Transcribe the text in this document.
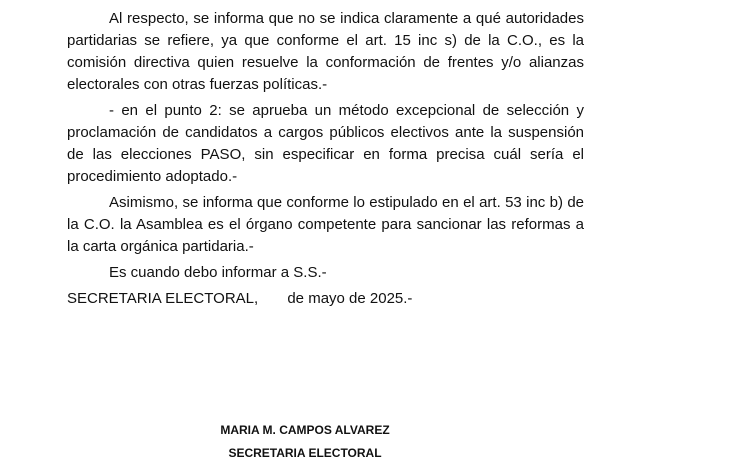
Al respecto, se informa que no se indica claramente a qué autoridades partidarias se refiere, ya que conforme el art. 15 inc s) de la C.O., es la comisión directiva quien resuelve la conformación de frentes y/o alianzas electorales con otras fuerzas políticas.-

- en el punto 2: se aprueba un método excepcional de selección y proclamación de candidatos a cargos públicos electivos ante la suspensión de las elecciones PASO, sin especificar en forma precisa cuál sería el procedimiento adoptado.-

Asimismo, se informa que conforme lo estipulado en el art. 53 inc b) de la C.O. la Asamblea es el órgano competente para sancionar las reformas a la carta orgánica partidaria.-

Es cuando debo informar a S.S.-

SECRETARIA ELECTORAL,       de mayo de 2025.-

MARIA M. CAMPOS ALVAREZ
SECRETARIA ELECTORAL
